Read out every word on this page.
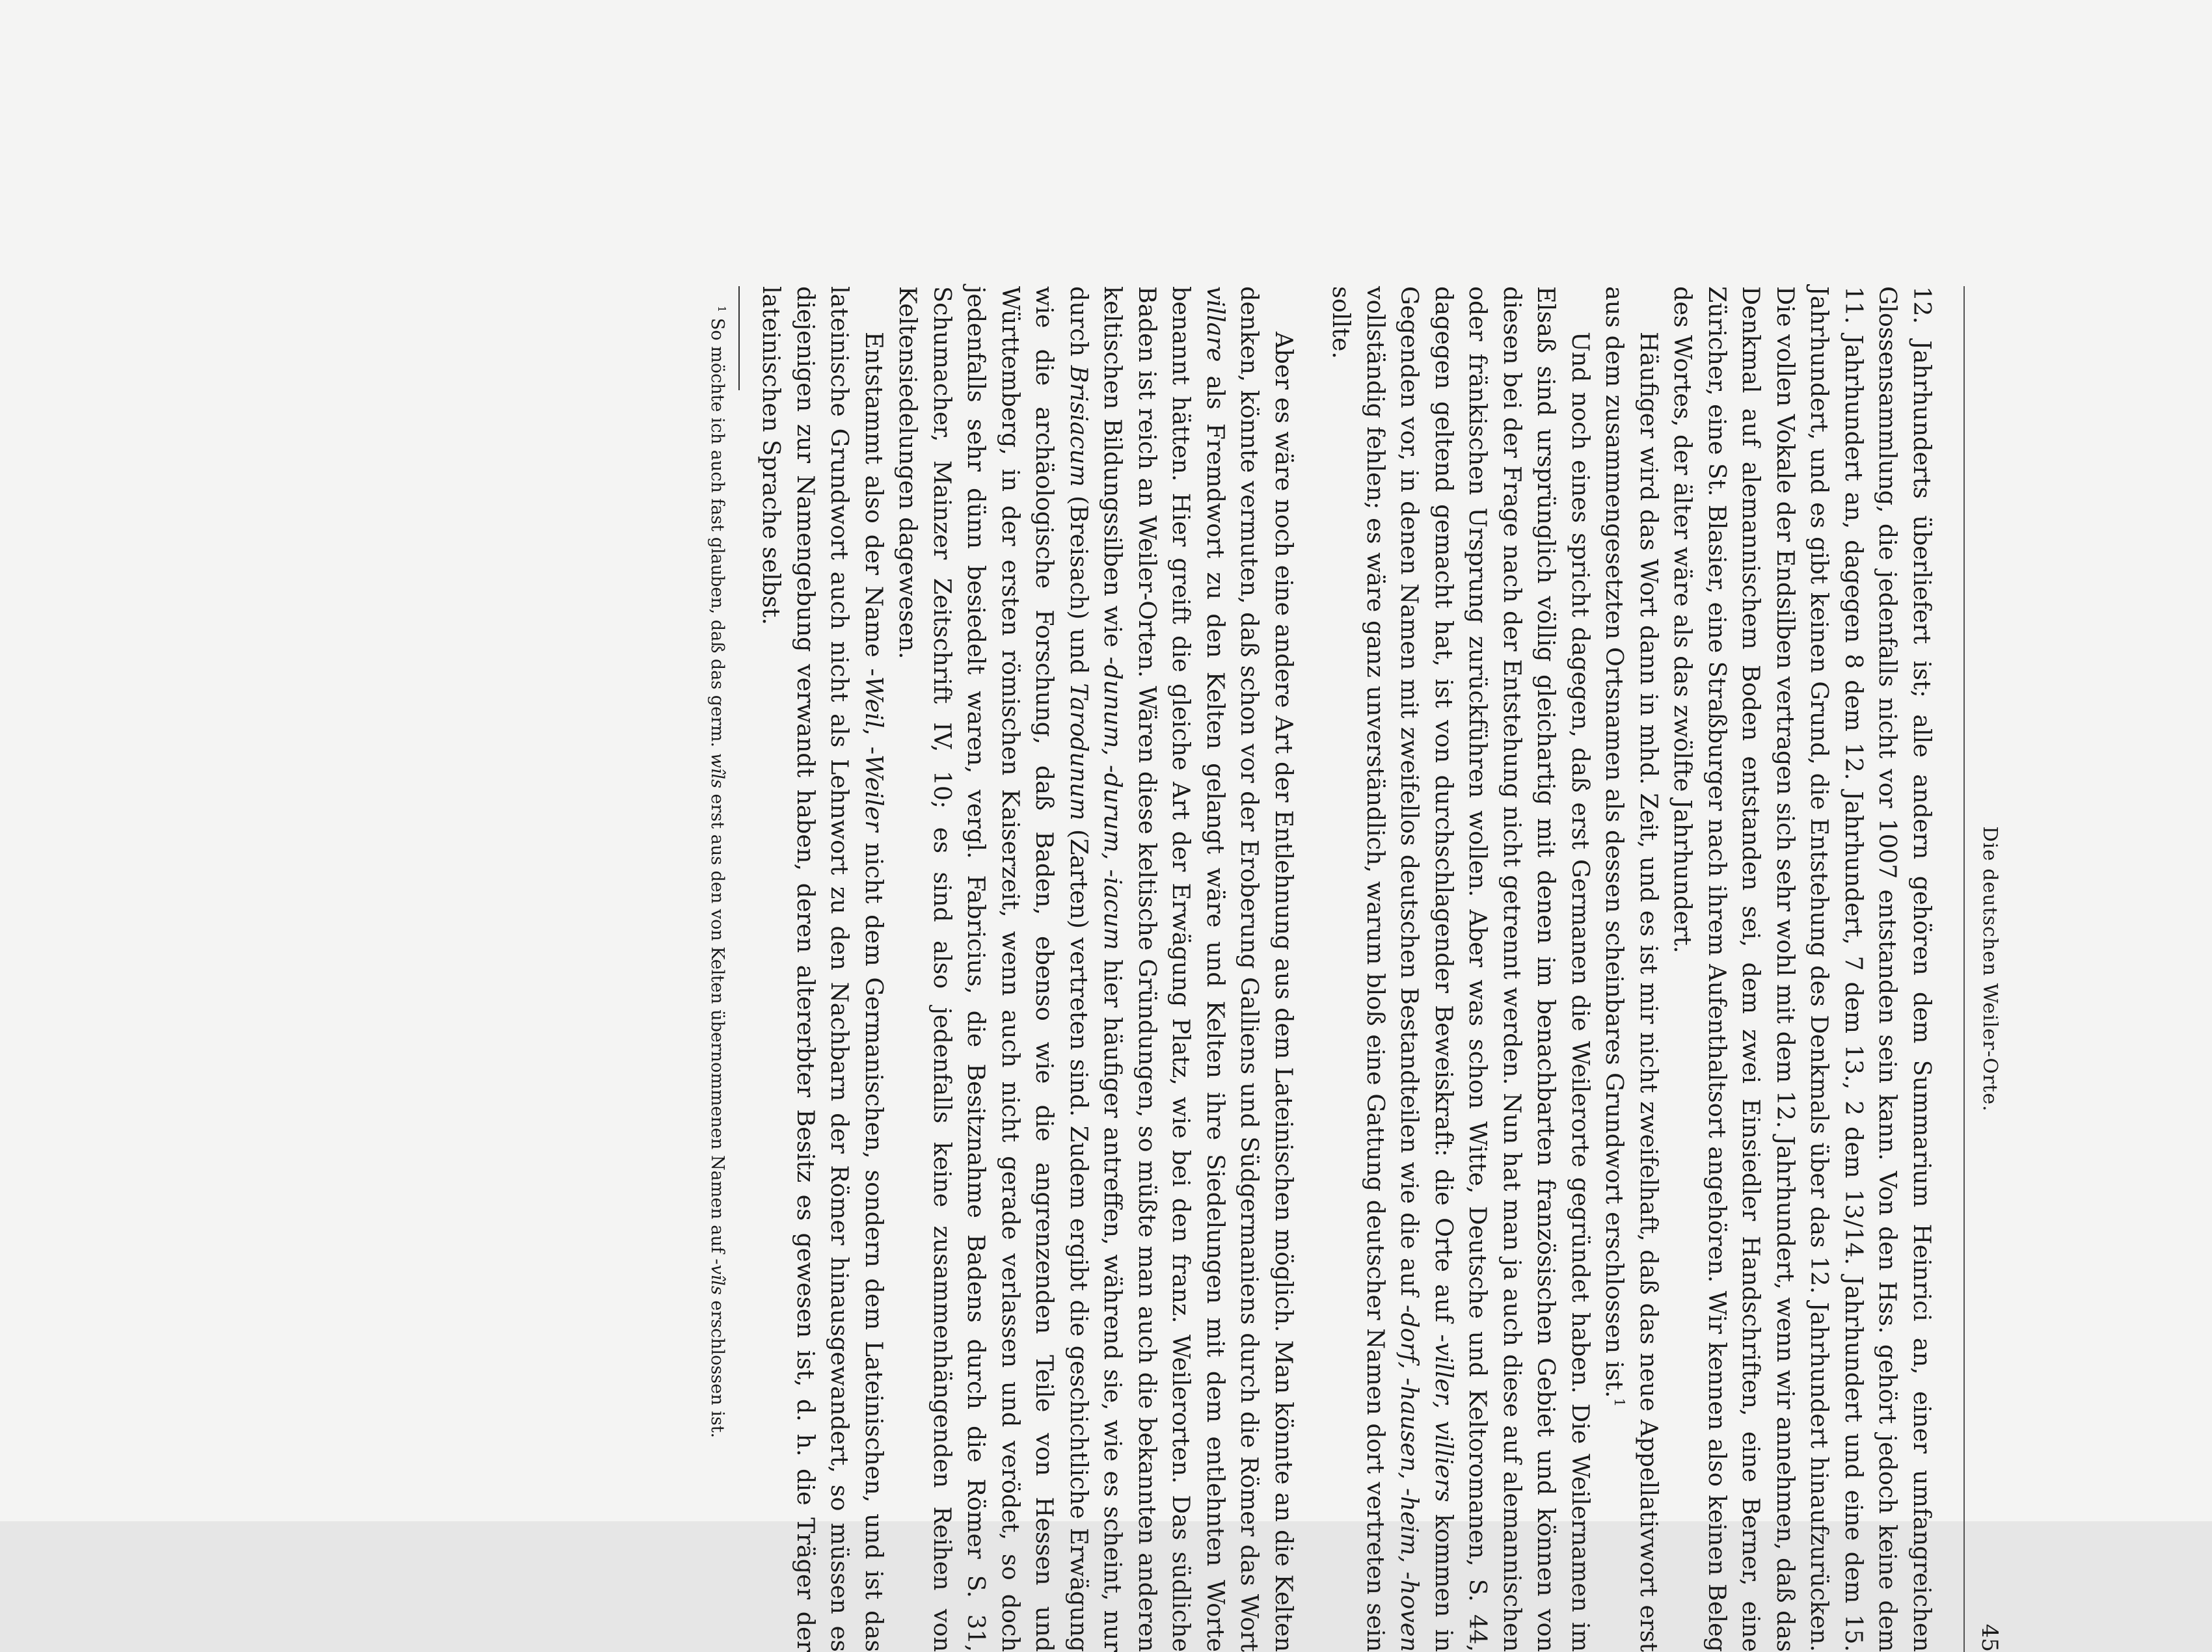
Die deutschen Weiler-Orte.
45

12. Jahrhunderts überliefert ist; alle andern gehören dem Summarium Heinrici an, einer umfangreichen Glossensammlung, die jedenfalls nicht vor 1007 entstanden sein kann. Von den Hss. gehört jedoch keine dem 11. Jahrhundert an, dagegen 8 dem 12. Jahrhundert, 7 dem 13., 2 dem 13/14. Jahrhundert und eine dem 15. Jahrhundert, und es gibt keinen Grund, die Entstehung des Denkmals über das 12. Jahrhundert hinaufzurücken. Die vollen Vokale der Endsilben vertragen sich sehr wohl mit dem 12. Jahrhundert, wenn wir annehmen, daß das Denkmal auf alemannischem Boden entstanden sei, dem zwei Einsiedler Handschriften, eine Berner, eine Züricher, eine St. Blasier, eine Straßburger nach ihrem Aufenthaltsort angehören. Wir kennen also keinen Beleg des Wortes, der älter wäre als das zwölfte Jahrhundert.

Häufiger wird das Wort dann in mhd. Zeit, und es ist mir nicht zweifelhaft, daß das neue Appellativwort erst aus dem zusammengesetzten Ortsnamen als dessen scheinbares Grundwort erschlossen ist.$^1$

Und noch eines spricht dagegen, daß erst Germanen die Weilerorte gegründet haben. Die Weilernamen im Elsaß sind ursprünglich völlig gleichartig mit denen im benachbarten französischen Gebiet und können von diesen bei der Frage nach der Entstehung nicht getrennt werden. Nun hat man ja auch diese auf alemannischen oder fränkischen Ursprung zurückführen wollen. Aber was schon Witte, Deutsche und Keltoromanen, S. 44, dagegen geltend gemacht hat, ist von durchschlagender Beweiskraft: die Orte auf -viller, villiers kommen in Gegenden vor, in denen Namen mit zweifellos deutschen Bestandteilen wie die auf -dorf, -hausen, -heim, -hoven vollständig fehlen; es wäre ganz unverständlich, warum bloß eine Gattung deutscher Namen dort vertreten sein sollte.

Aber es wäre noch eine andere Art der Entlehnung aus dem Lateinischen möglich. Man könnte an die Kelten denken, könnte vermuten, daß schon vor der Eroberung Galliens und Südgermaniens durch die Römer das Wort villare als Fremdwort zu den Kelten gelangt wäre und Kelten ihre Siedelungen mit dem entlehnten Worte benannt hätten. Hier greift die gleiche Art der Erwägung Platz, wie bei den franz. Weilerorten. Das südliche Baden ist reich an Weiler-Orten. Wären diese keltische Gründungen, so müßte man auch die bekannten anderen keltischen Bildungssilben wie -dunum, -durum, -iacum hier häufiger antreffen, während sie, wie es scheint, nur durch Brisiacum (Breisach) und Tarodunum (Zarten) vertreten sind. Zudem ergibt die geschichtliche Erwägung wie die archäologische Forschung, daß Baden, ebenso wie die angrenzenden Teile von Hessen und Württemberg, in der ersten römischen Kaiserzeit, wenn auch nicht gerade verlassen und verödet, so doch jedenfalls sehr dünn besiedelt waren, vergl. Fabricius, die Besitznahme Badens durch die Römer S. 31, Schumacher, Mainzer Zeitschrift IV, 10; es sind also jedenfalls keine zusammenhängenden Reihen von Keltensiedelungen dagewesen.

Entstammt also der Name -Weil, -Weiler nicht dem Germanischen, sondern dem Lateinischen, und ist das lateinische Grundwort auch nicht als Lehnwort zu den Nachbarn der Römer hinausgewandert, so müssen es diejenigen zur Namengebung verwandt haben, deren altererbter Besitz es gewesen ist, d. h. die Träger der lateinischen Sprache selbst.

$^1$ So möchte ich auch fast glauben, daß das germ. wîls erst aus den von Kelten übernommenen Namen auf -vîls erschlossen ist.
